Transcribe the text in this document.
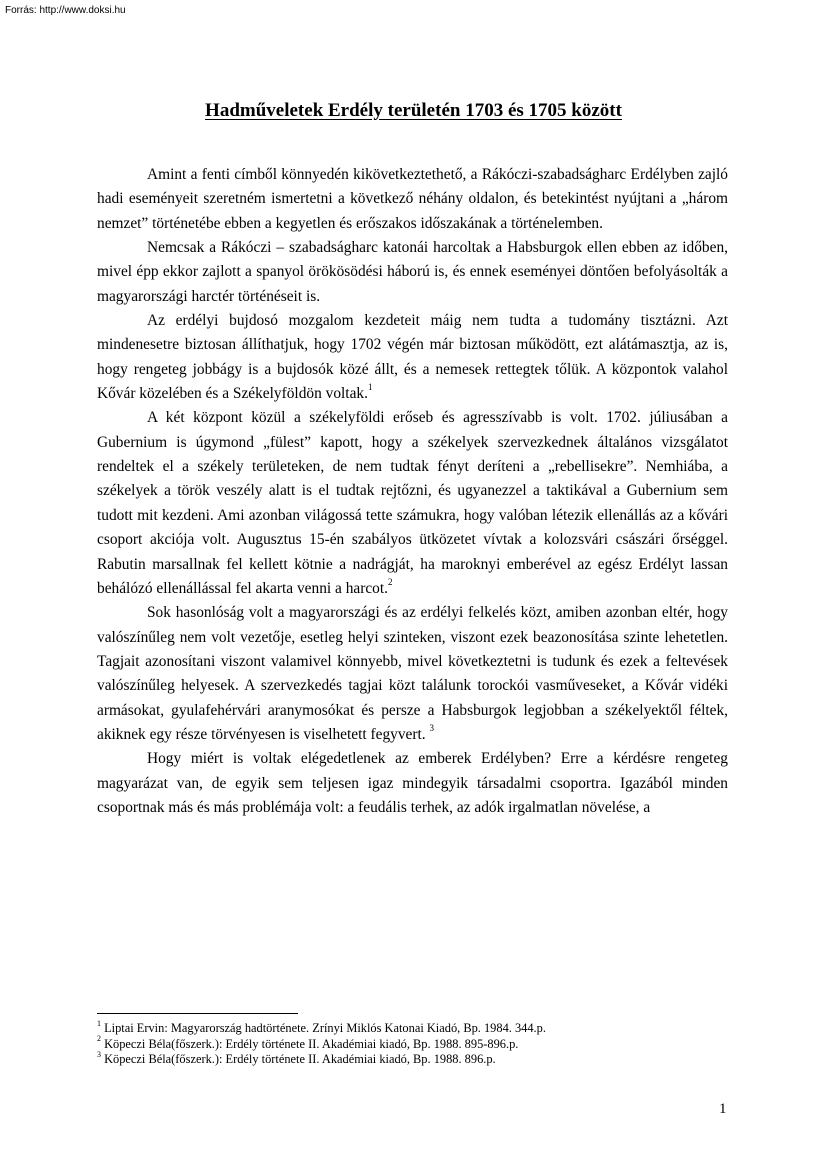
Forrás: http://www.doksi.hu
Hadműveletek Erdély területén 1703 és 1705 között

Amint a fenti címből könnyedén kikövetkeztethető, a Rákóczi-szabadságharc Erdélyben zajló hadi eseményeit szeretném ismertetni a következő néhány oldalon, és betekintést nyújtani a „három nemzet” történetébe ebben a kegyetlen és erőszakos időszakának a történelemben.

Nemcsak a Rákóczi – szabadságharc katonái harcoltak a Habsburgok ellen ebben az időben, mivel épp ekkor zajlott a spanyol örökösödési háború is, és ennek eseményei döntően befolyásolták a magyarországi harctér történéseit is.

Az erdélyi bujdosó mozgalom kezdeteit máig nem tudta a tudomány tisztázni. Azt mindenesetre biztosan állíthatjuk, hogy 1702 végén már biztosan működött, ezt alátámasztja, az is, hogy rengeteg jobbágy is a bujdosók közé állt, és a nemesek rettegtek tőlük. A központok valahol Kővár közelében és a Székelyföldön voltak.$^1$

A két központ közül a székelyföldi erőseb és agresszívabb is volt. 1702. júliusában a Gubernium is úgymond „fülest” kapott, hogy a székelyek szervezkednek általános vizsgálatot rendeltek el a székely területeken, de nem tudtak fényt deríteni a „rebellisekre”. Nemhiába, a székelyek a török veszély alatt is el tudtak rejtőzni, és ugyanezzel a taktikával a Gubernium sem tudott mit kezdeni. Ami azonban világossá tette számukra, hogy valóban létezik ellenállás az a kővári csoport akciója volt. Augusztus 15-én szabályos ütközetet vívtak a kolozsvári császári őrséggel. Rabutin marsallnak fel kellett kötnie a nadrágját, ha maroknyi emberével az egész Erdélyt lassan behálózó ellenállással fel akarta venni a harcot.$^2$

Sok hasonlóság volt a magyarországi és az erdélyi felkelés közt, amiben azonban eltér, hogy valószínűleg nem volt vezetője, esetleg helyi szinteken, viszont ezek beazonosítása szinte lehetetlen. Tagjait azonosítani viszont valamivel könnyebb, mivel következtetni is tudunk és ezek a feltevések valószínűleg helyesek. A szervezkedés tagjai közt találunk torockói vasműveseket, a Kővár vidéki armásokat, gyulafehérvári aranymosókat és persze a Habsburgok legjobban a székelyektől féltek, akiknek egy része törvényesen is viselhetett fegyvert. $^3$

Hogy miért is voltak elégedetlenek az emberek Erdélyben? Erre a kérdésre rengeteg magyarázat van, de egyik sem teljesen igaz mindegyik társadalmi csoportra. Igazából minden csoportnak más és más problémája volt: a feudális terhek, az adók irgalmatlan növelése, a

$^1$ Liptai Ervin: Magyarország hadtörténete. Zrínyi Miklós Katonai Kiadó, Bp. 1984. 344.p.
$^2$ Köpeczi Béla(főszerk.): Erdély története II. Akadémiai kiadó, Bp. 1988. 895-896.p.
$^3$ Köpeczi Béla(főszerk.): Erdély története II. Akadémiai kiadó, Bp. 1988. 896.p.
1
